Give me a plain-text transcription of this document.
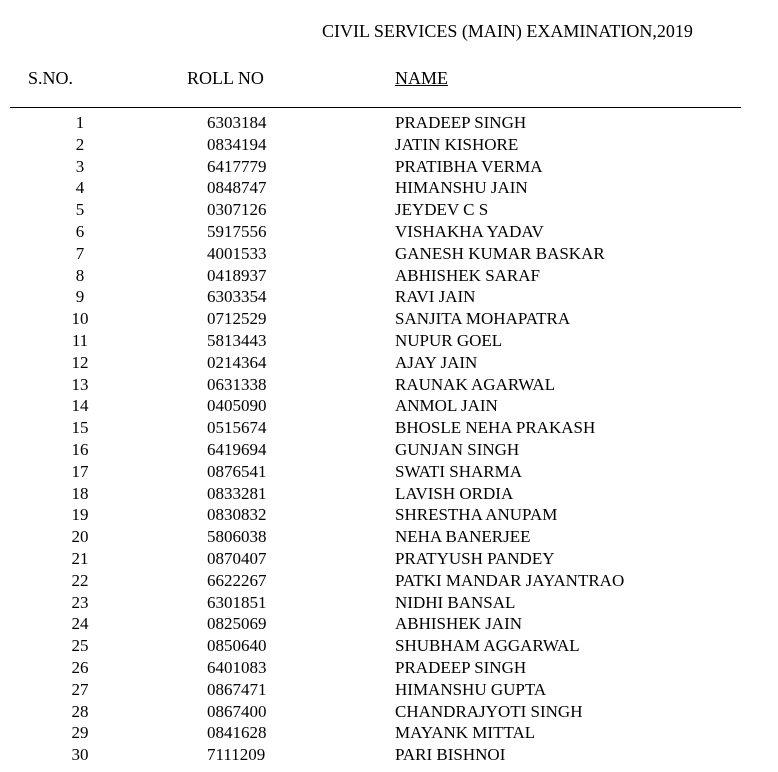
CIVIL SERVICES (MAIN) EXAMINATION,2019
S.NO.	ROLL NO	NAME
1	6303184	PRADEEP SINGH
2	0834194	JATIN KISHORE
3	6417779	PRATIBHA VERMA
4	0848747	HIMANSHU JAIN
5	0307126	JEYDEV C S
6	5917556	VISHAKHA YADAV
7	4001533	GANESH KUMAR BASKAR
8	0418937	ABHISHEK SARAF
9	6303354	RAVI JAIN
10	0712529	SANJITA MOHAPATRA
11	5813443	NUPUR GOEL
12	0214364	AJAY JAIN
13	0631338	RAUNAK AGARWAL
14	0405090	ANMOL JAIN
15	0515674	BHOSLE NEHA PRAKASH
16	6419694	GUNJAN SINGH
17	0876541	SWATI SHARMA
18	0833281	LAVISH ORDIA
19	0830832	SHRESTHA ANUPAM
20	5806038	NEHA BANERJEE
21	0870407	PRATYUSH PANDEY
22	6622267	PATKI MANDAR JAYANTRAO
23	6301851	NIDHI BANSAL
24	0825069	ABHISHEK JAIN
25	0850640	SHUBHAM AGGARWAL
26	6401083	PRADEEP SINGH
27	0867471	HIMANSHU GUPTA
28	0867400	CHANDRAJYOTI SINGH
29	0841628	MAYANK MITTAL
30	7111209	PARI BISHNOI
